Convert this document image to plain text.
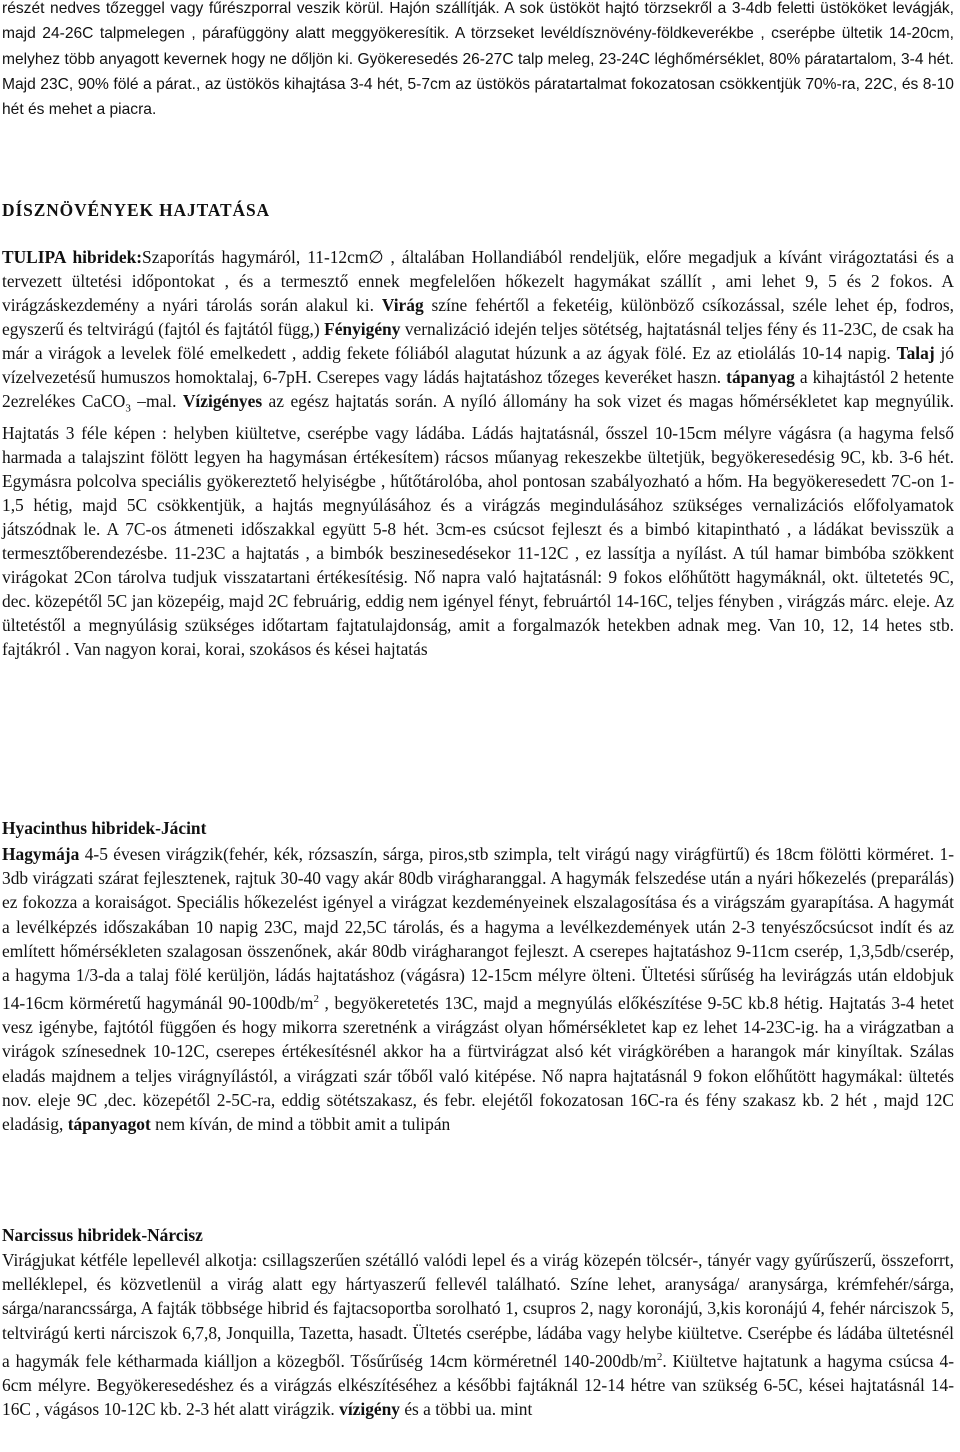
részét nedves tőzeggel vagy fűrészporral veszik körül. Hajón szállítják. A sok üstököt hajtó törzsekről a 3-4db feletti üstököket levágják, majd 24-26C talpmelegen , párafüggöny alatt meggyökeresítik. A törzseket levéldísznövény-földkeverékbe , cserépbe ültetik 14-20cm, melyhez több anyagott kevernek hogy ne dőljön ki. Gyökeresedés 26-27C talp meleg, 23-24C léghőmérséklet, 80% páratartalom, 3-4 hét. Majd 23C, 90% fölé a párat., az üstökös kihajtása 3-4 hét, 5-7cm az üstökös páratartalmat fokozatosan csökkentjük 70%-ra, 22C, és 8-10 hét és mehet a piacra.

DÍSZNÖVÉNYEK HAJTATÁSA

TULIPA hibridek:Szaporítás hagymáról, 11-12cm∅ , általában Hollandiából rendeljük, előre megadjuk a kívánt virágoztatási és a tervezett ültetési időpontokat , és a termesztő ennek megfelelően hőkezelt hagymákat szállít , ami lehet 9, 5 és 2 fokos. A virágzáskezdemény a nyári tárolás során alakul ki. Virág színe fehértől a feketéig, különböző csíkozással, széle lehet ép, fodros, egyszerű és teltvirágú (fajtól és fajtától függ,) Fényigény vernalizáció idején teljes sötétség, hajtatásnál teljes fény és 11-23C, de csak ha már a virágok a levelek fölé emelkedett , addig fekete fóliából alagutat húzunk a az ágyak fölé. Ez az etiolálás 10-14 napig. Talaj jó vízelvezetésű humuszos homoktalaj, 6-7pH. Cserepes vagy ládás hajtatáshoz tőzeges keveréket haszn. tápanyag a kihajtástól 2 hetente 2ezrelékes CaCO$_3$ –mal. Vízigényes az egész hajtatás során. A nyíló állomány ha sok vizet és magas hőmérsékletet kap megnyúlik. Hajtatás 3 féle képen : helyben kiültetve, cserépbe vagy ládába. Ládás hajtatásnál, ősszel 10-15cm mélyre vágásra (a hagyma felső harmada a talajszint fölött legyen ha hagymásan értékesítem) rácsos műanyag rekeszekbe ültetjük, begyökeresedésig 9C, kb. 3-6 hét. Egymásra polcolva speciális gyökereztető helyiségbe , hűtőtárolóba, ahol pontosan szabályozható a hőm. Ha begyökeresedett 7C-on 1-1,5 hétig, majd 5C csökkentjük, a hajtás megnyúlásához és a virágzás megindulásához szükséges vernalizációs előfolyamatok játszódnak le. A 7C-os átmeneti időszakkal együtt 5-8 hét. 3cm-es csúcsot fejleszt és a bimbó kitapintható , a ládákat bevisszük a termesztőberendezésbe. 11-23C a hajtatás , a bimbók beszinesedésekor 11-12C , ez lassítja a nyílást. A túl hamar bimbóba szökkent virágokat 2Con tárolva tudjuk visszatartani értékesítésig. Nő napra való hajtatásnál: 9 fokos előhűtött hagymáknál, okt. ültetetés 9C, dec. közepétől 5C jan közepéig, majd 2C februárig, eddig nem igényel fényt, februártól 14-16C, teljes fényben , virágzás márc. eleje. Az ültetéstől a megnyúlásig szükséges időtartam fajtatulajdonság, amit a forgalmazók hetekben adnak meg. Van 10, 12, 14 hetes stb. fajtákról . Van nagyon korai, korai, szokásos és kései hajtatás

Hyacinthus hibridek-Jácint

Hagymája 4-5 évesen virágzik(fehér, kék, rózsaszín, sárga, piros,stb szimpla, telt virágú nagy virágfürtű) és 18cm fölötti körméret. 1-3db virágzati szárat fejlesztenek, rajtuk 30-40 vagy akár 80db virágharanggal. A hagymák felszedése után a nyári hőkezelés (preparálás) ez fokozza a koraiságot. Speciális hőkezelést igényel a virágzat kezdeményeinek elszalagosítása és a virágszám gyarapítása. A hagymát a levélképzés időszakában 10 napig 23C, majd 22,5C tárolás, és a hagyma a levélkezdemények után 2-3 tenyészőcsúcsot indít és az említett hőmérsékleten szalagosan összenőnek, akár 80db virágharangot fejleszt. A cserepes hajtatáshoz 9-11cm cserép, 1,3,5db/cserép, a hagyma 1/3-da a talaj fölé kerüljön, ládás hajtatáshoz (vágásra) 12-15cm mélyre ölteni. Ültetési sűrűség ha levirágzás után eldobjuk 14-16cm körméretű hagymánál $90-100db/m^2$ , begyökeretetés 13C, majd a megnyúlás előkészítése 9-5C kb.8 hétig. Hajtatás 3-4 hetet vesz igénybe, fajtótól függően és hogy mikorra szeretnénk a virágzást olyan hőmérsékletet kap ez lehet 14-23C-ig. ha a virágzatban a virágok színesednek 10-12C, cserepes értékesítésnél akkor ha a fürtvirágzat alsó két virágkörében a harangok már kinyíltak. Szálas eladás majdnem a teljes virágnyílástól, a virágzati szár tőből való kitépése. Nő napra hajtatásnál 9 fokon előhűtött hagymákal: ültetés nov. eleje 9C ,dec. közepétől 2-5C-ra, eddig sötétszakasz, és febr. elejétől fokozatosan 16C-ra és fény szakasz kb. 2 hét , majd 12C eladásig, tápanyagot nem kíván, de mind a többit amit a tulipán

Narcissus hibridek-Nárcisz

Virágjukat kétféle lepellevél alkotja: csillagszerűen szétálló valódi lepel és a virág közepén tölcsér-, tányér vagy gyűrűszerű, összeforrt, melléklepel, és közvetlenül a virág alatt egy hártyaszerű fellevél található. Színe lehet, aranysága/ aranysárga, krémfehér/sárga, sárga/narancssárga, A fajták többsége hibrid és fajtacsoportba sorolható 1, csupros 2, nagy koronájú, 3,kis koronájú 4, fehér nárciszok 5, teltvirágú kerti nárciszok 6,7,8, Jonquilla, Tazetta, hasadt. Ültetés cserépbe, ládába vagy helybe kiültetve. Cserépbe és ládába ültetésnél a hagymák fele kétharmada kiálljon a közegből. Tősűrűség 14cm körméretnél $140-200db/m^2$. Kiültetve hajtatunk a hagyma csúcsa 4-6cm mélyre. Begyökeresedéshez és a virágzás elkészítéséhez a későbbi fajtáknál 12-14 hétre van szükség 6-5C, kései hajtatásnál 14-16C , vágásos 10-12C kb. 2-3 hét alatt virágzik. vízigény és a többi ua. mint
